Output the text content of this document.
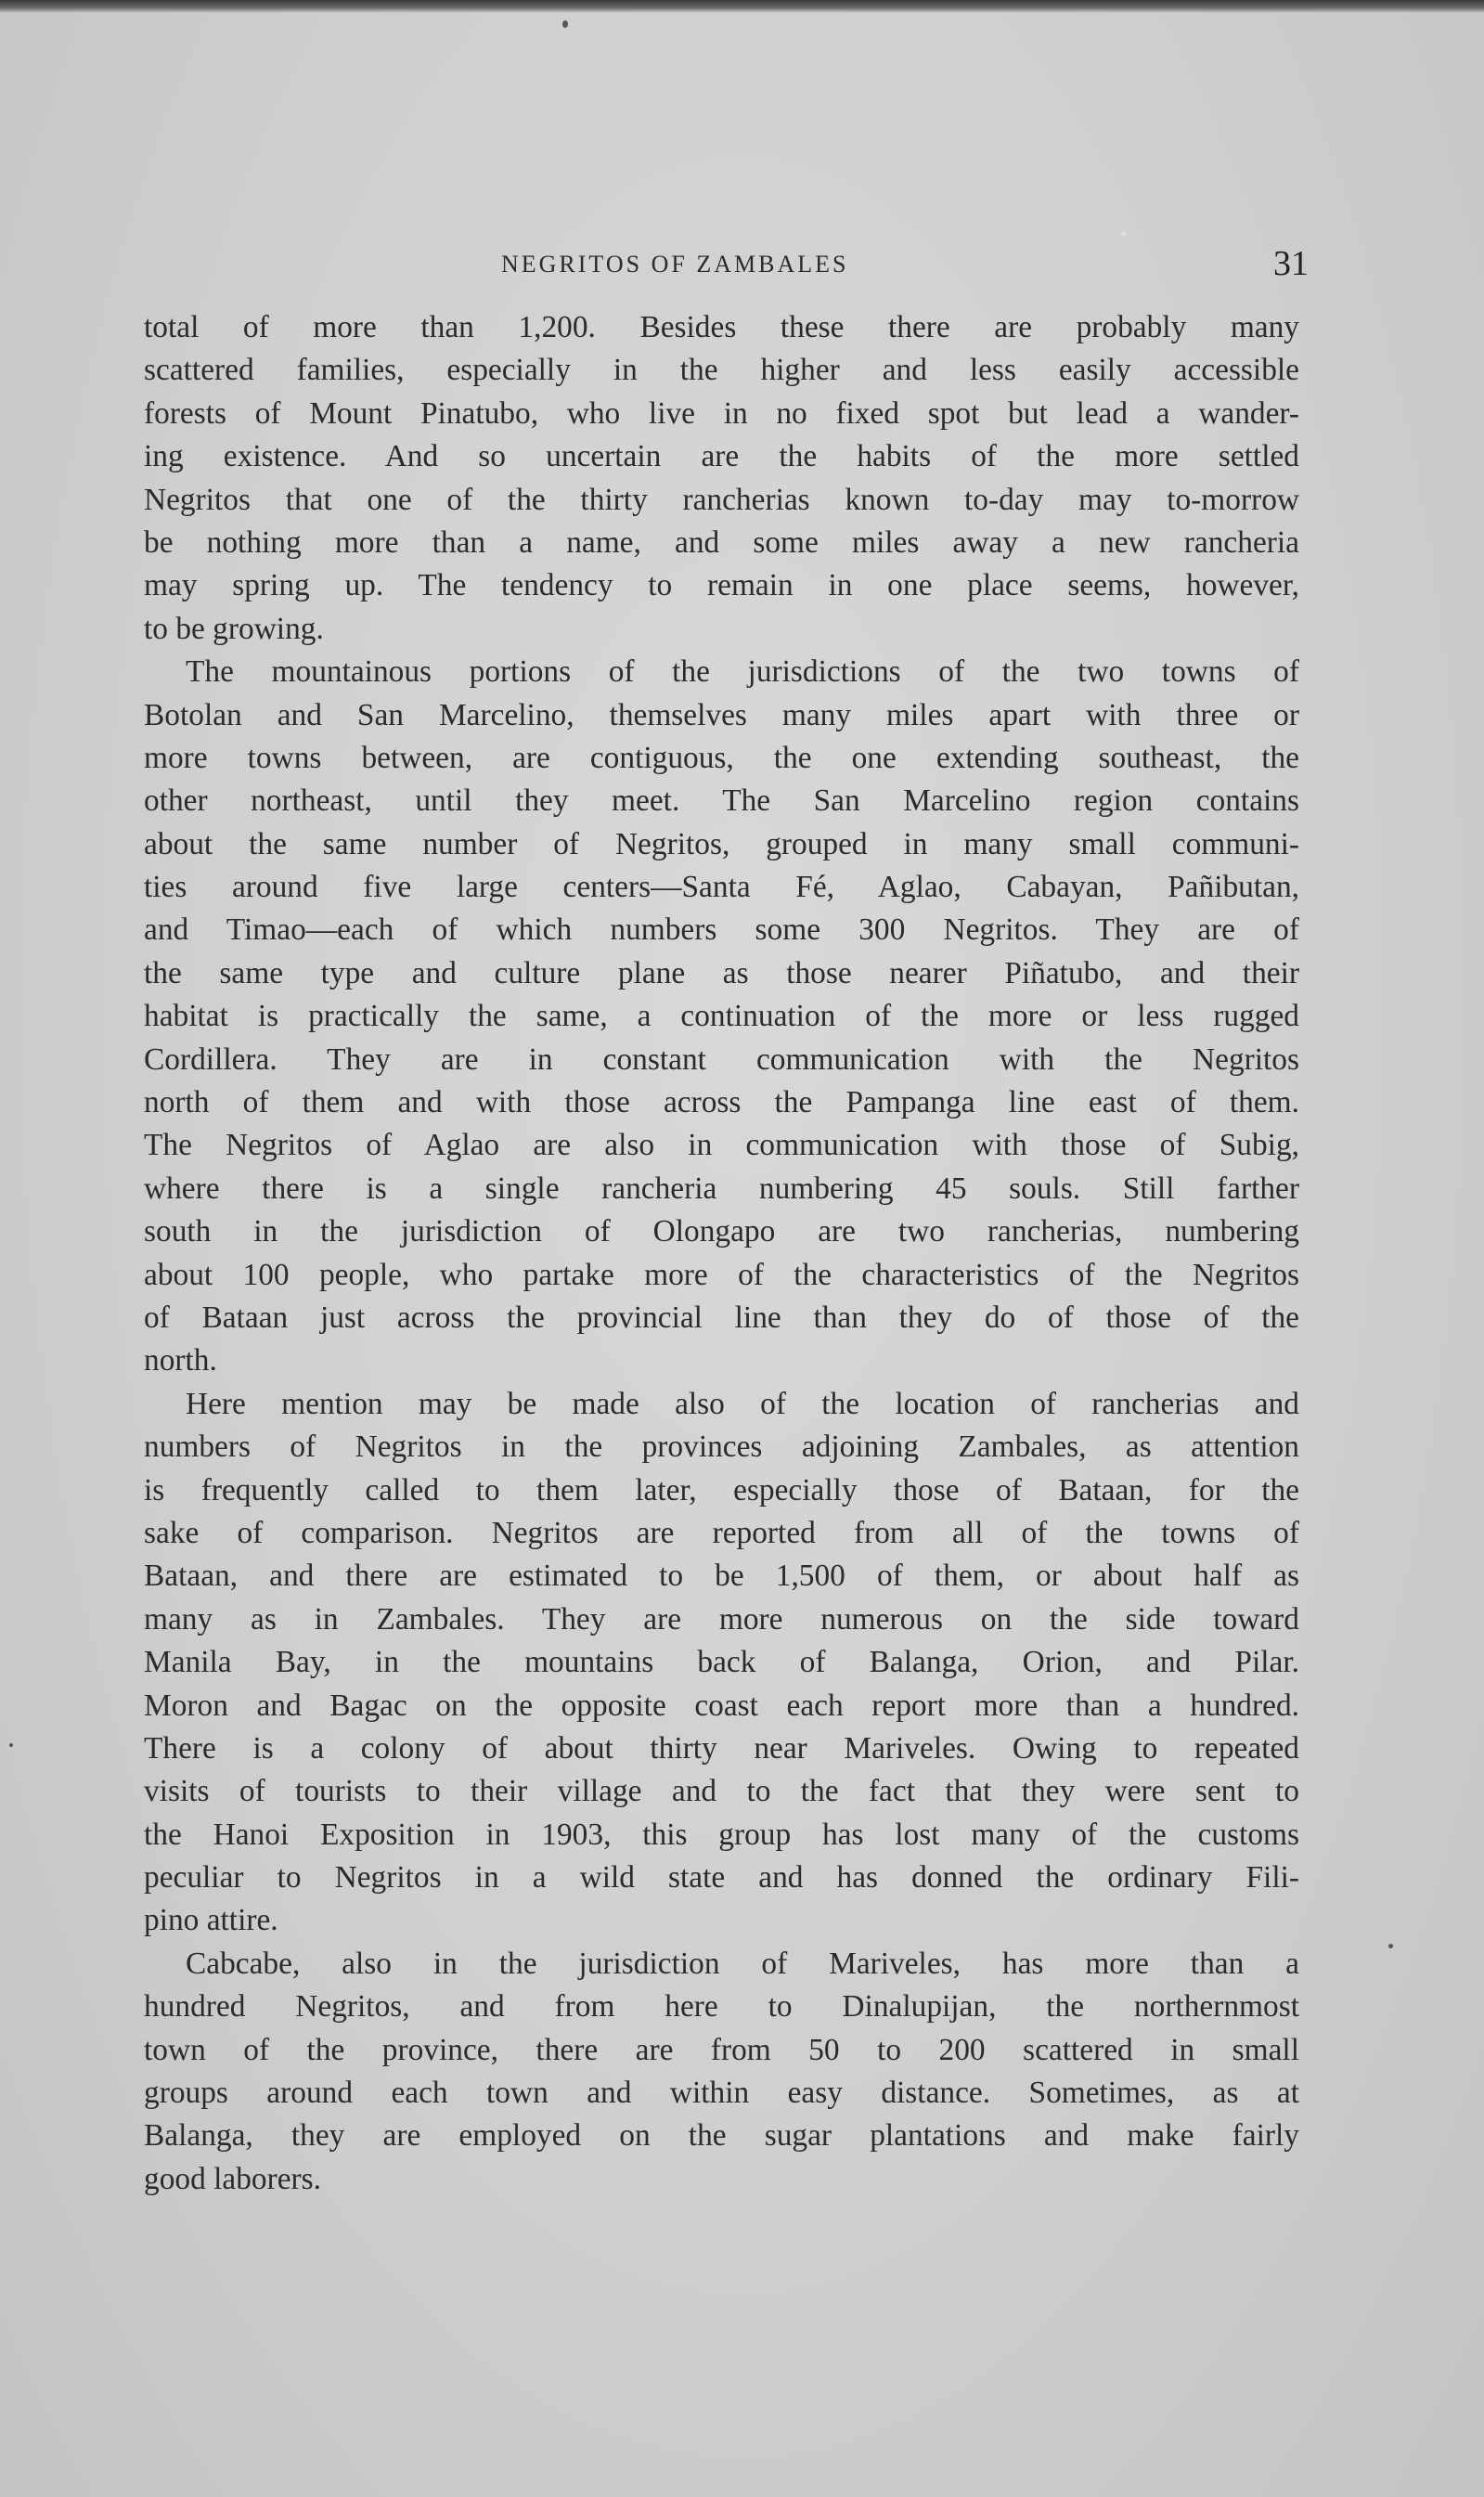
NEGRITOS OF ZAMBALES	31
total of more than 1,200. Besides these there are probably many
scattered families, especially in the higher and less easily accessible
forests of Mount Pinatubo, who live in no fixed spot but lead a wander-
ing existence. And so uncertain are the habits of the more settled
Negritos that one of the thirty rancherias known to-day may to-morrow
be nothing more than a name, and some miles away a new rancheria
may spring up. The tendency to remain in one place seems, however,
to be growing.
The mountainous portions of the jurisdictions of the two towns of
Botolan and San Marcelino, themselves many miles apart with three or
more towns between, are contiguous, the one extending southeast, the
other northeast, until they meet. The San Marcelino region contains
about the same number of Negritos, grouped in many small communi-
ties around five large centers—Santa Fé, Aglao, Cabayan, Pañibutan,
and Timao—each of which numbers some 300 Negritos. They are of
the same type and culture plane as those nearer Piñatubo, and their
habitat is practically the same, a continuation of the more or less rugged
Cordillera. They are in constant communication with the Negritos
north of them and with those across the Pampanga line east of them.
The Negritos of Aglao are also in communication with those of Subig,
where there is a single rancheria numbering 45 souls. Still farther
south in the jurisdiction of Olongapo are two rancherias, numbering
about 100 people, who partake more of the characteristics of the Negritos
of Bataan just across the provincial line than they do of those of the
north.
Here mention may be made also of the location of rancherias and
numbers of Negritos in the provinces adjoining Zambales, as attention
is frequently called to them later, especially those of Bataan, for the
sake of comparison. Negritos are reported from all of the towns of
Bataan, and there are estimated to be 1,500 of them, or about half as
many as in Zambales. They are more numerous on the side toward
Manila Bay, in the mountains back of Balanga, Orion, and Pilar.
Moron and Bagac on the opposite coast each report more than a hundred.
There is a colony of about thirty near Mariveles. Owing to repeated
visits of tourists to their village and to the fact that they were sent to
the Hanoi Exposition in 1903, this group has lost many of the customs
peculiar to Negritos in a wild state and has donned the ordinary Fili-
pino attire.
Cabcabe, also in the jurisdiction of Mariveles, has more than a
hundred Negritos, and from here to Dinalupijan, the northernmost
town of the province, there are from 50 to 200 scattered in small
groups around each town and within easy distance. Sometimes, as at
Balanga, they are employed on the sugar plantations and make fairly
good laborers.
